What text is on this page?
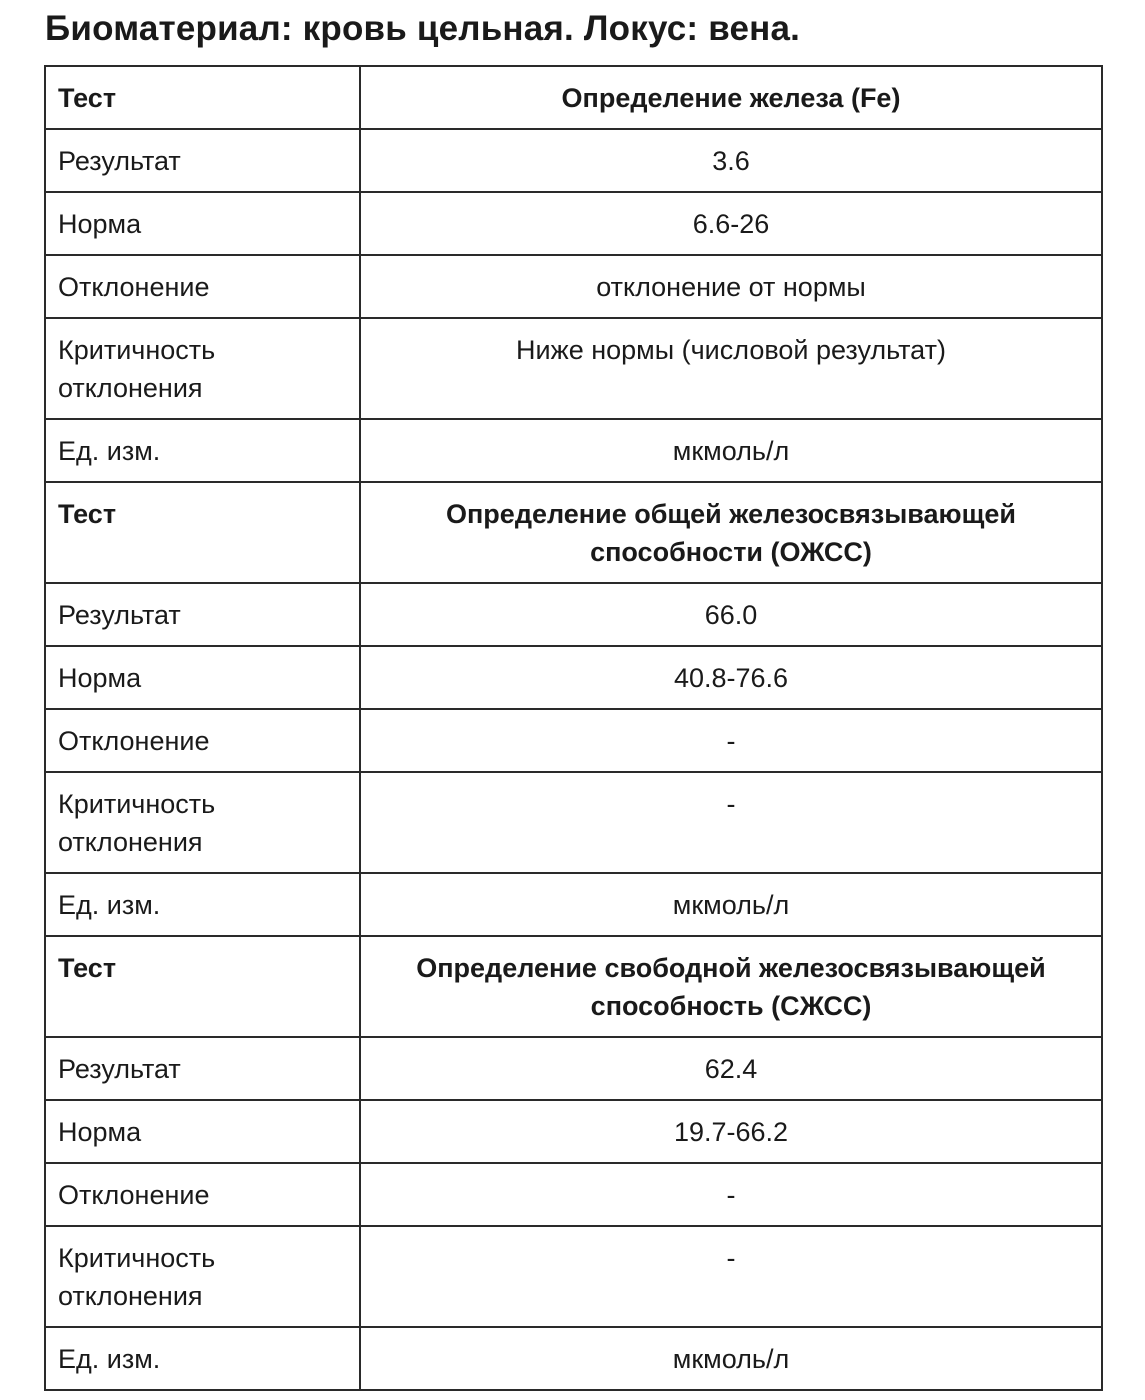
Биоматериал: кровь цельная. Локус: вена.
Тест	Определение железа (Fe)
Результат	3.6
Норма	6.6-26
Отклонение	отклонение от нормы
Критичность
отклонения	Ниже нормы (числовой результат)
Ед. изм.	мкмоль/л
Тест	Определение общей железосвязывающей
способности (ОЖСС)
Результат	66.0
Норма	40.8-76.6
Отклонение	-
Критичность
отклонения	-
Ед. изм.	мкмоль/л
Тест	Определение свободной железосвязывающей
способность (СЖСС)
Результат	62.4
Норма	19.7-66.2
Отклонение	-
Критичность
отклонения	-
Ед. изм.	мкмоль/л
